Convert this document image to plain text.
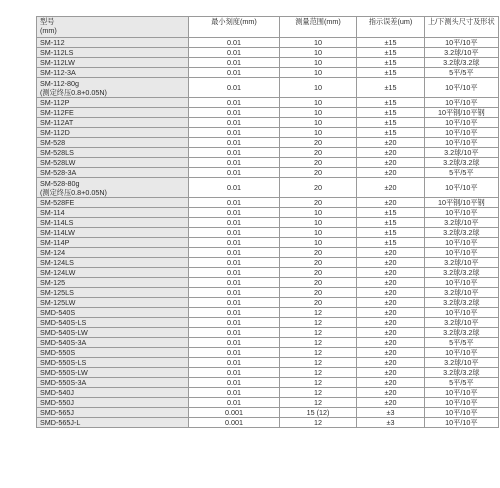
型号
(mm)	最小刻度(mm)	测量范围(mm)	指示误差(um)	上/下测头尺寸及形状
SM-112	0.01	10	±15	10平/10平
SM-112LS	0.01	10	±15	3.2球/10平
SM-112LW	0.01	10	±15	3.2球/3.2球
SM-112-3A	0.01	10	±15	5平/5平
SM-112-80g
(测定终压0.8+0.05N)	0.01	10	±15	10平/10平
SM-112P	0.01	10	±15	10平/10平
SM-112FE	0.01	10	±15	10平钢/10平钢
SM-112AT	0.01	10	±15	10平/10平
SM-112D	0.01	10	±15	10平/10平
SM-528	0.01	20	±20	10平/10平
SM-528LS	0.01	20	±20	3.2球/10平
SM-528LW	0.01	20	±20	3.2球/3.2球
SM-528-3A	0.01	20	±20	5平/5平
SM-528-80g
(测定终压0.8+0.05N)	0.01	20	±20	10平/10平
SM-528FE	0.01	20	±20	10平钢/10平钢
SM-114	0.01	10	±15	10平/10平
SM-114LS	0.01	10	±15	3.2球/10平
SM-114LW	0.01	10	±15	3.2球/3.2球
SM-114P	0.01	10	±15	10平/10平
SM-124	0.01	20	±20	10平/10平
SM-124LS	0.01	20	±20	3.2球/10平
SM-124LW	0.01	20	±20	3.2球/3.2球
SM-125	0.01	20	±20	10平/10平
SM-125LS	0.01	20	±20	3.2球/10平
SM-125LW	0.01	20	±20	3.2球/3.2球
SMD-540S	0.01	12	±20	10平/10平
SMD-540S-LS	0.01	12	±20	3.2球/10平
SMD-540S-LW	0.01	12	±20	3.2球/3.2球
SMD-540S-3A	0.01	12	±20	5平/5平
SMD-550S	0.01	12	±20	10平/10平
SMD-550S-LS	0.01	12	±20	3.2球/10平
SMD-550S-LW	0.01	12	±20	3.2球/3.2球
SMD-550S-3A	0.01	12	±20	5平/5平
SMD-540J	0.01	12	±20	10平/10平
SMD-550J	0.01	12	±20	10平/10平
SMD-565J	0.001	15 (12)	±3	10平/10平
SMD-565J-L	0.001	12	±3	10平/10平
